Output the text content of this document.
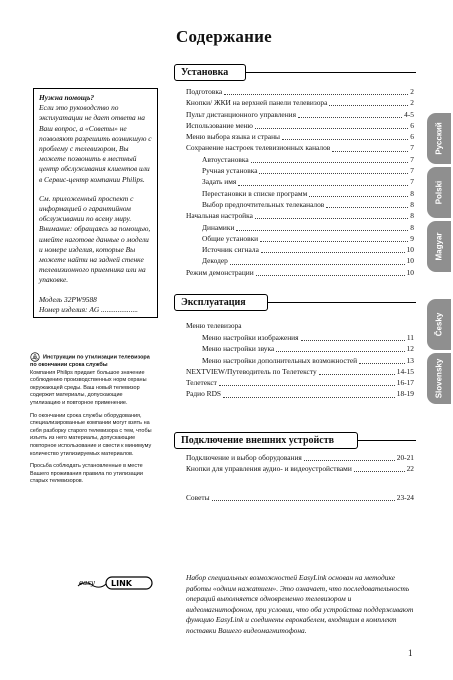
Содержание
Установка
Подготовка	2
Кнопки/ ЖКИ на верхней панели телевизора	2
Пульт дистанционного управления	4-5
Использование меню	6
Меню выбора языка и страны	6
Сохранение настроек телевизионных каналов	7
Автоустановка	7
Ручная установка	7
Задать имя	7
Перестановки в списке программ	8
Выбор предпочтительных телеканалов	8
Начальная настройка	8
Динамики	8
Общие установки	9
Источник сигнала	10
Декодер	10
Режим демонстрации	10
Эксплуатация
Меню телевизора
Меню настройки изображения	11
Меню настройки звука	12
Меню настройки дополнительных возможностей	13
NEXTVIEW/Путеводитель по Телетексту	14-15
Телетекст	16-17
Радио RDS	18-19
Подключение внешних устройств
Подключение и выбор оборудования	20-21
Кнопки для управления аудио- и видеоустройствами	22
Советы	23-24

Нужна помощь?
Если это руководство по эксплуатации не дает ответа на Ваш вопрос, а «Советы» не позволяют разрешить возникшую с проблему с телевизором, Вы можете позвонить в местный центр обслуживания клиентов или в Сервис-центр компании Philips.

См. приложенный проспект с информацией о гарантийном обслуживании по всему миру. Внимание: обращаясь за помощью, имейте наготове данные о модели и номере изделия, которые Вы можете найти на задней стенке телевизионного приемника или на упаковке.

Модель 32PW9588
Номер изделия: AG ....................

Инструкции по утилизации телевизора по окончании срока службы
Компания Philips придает большое значение соблюдению производственных норм охраны окружающей среды. Ваш новый телевизор содержит материалы, допускающие утилизацию и повторное применение.

По окончании срока службы оборудования, специализированные компании могут взять на себя разборку старого телевизора с тем, чтобы изъять из него материалы, допускающие повторное использование и свести к минимуму количество утилизируемых материалов.

Просьба соблюдать установленные в месте Вашего проживания правила по утилизации старых телевизоров.

easy LINK
Набор специальных возможностей EasyLink основан на методике работы «одним нажатием». Это означает, что последовательность операций выполняется одновременно телевизором и видеомагнитофоном, при условии, что оба устройства поддерживают функцию EasyLink и соединены еврокабелем, входящим в комплект поставки Вашего видеомагнитофона.
1
Русский
Polski
Magyar
Česky
Slovensky
